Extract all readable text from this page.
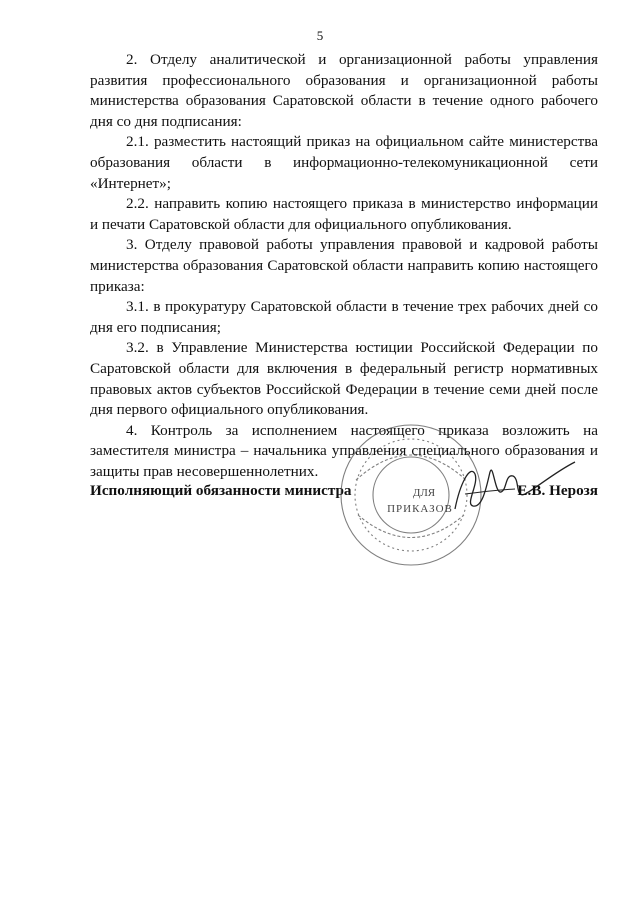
5

2. Отделу аналитической и организационной работы управления развития профессионального образования и организационной работы министерства образования Саратовской области в течение одного рабочего дня со дня подписания:

2.1. разместить настоящий приказ на официальном сайте министерства образования области в информационно-телекомуникационной сети «Интернет»;

2.2. направить копию настоящего приказа в министерство информации и печати Саратовской области для официального опубликования.

3. Отделу правовой работы управления правовой и кадровой работы министерства образования Саратовской области направить копию настоящего приказа:

3.1. в прокуратуру Саратовской области в течение трех рабочих дней со дня его подписания;

3.2. в Управление Министерства юстиции Российской Федерации по Саратовской области для включения в федеральный регистр нормативных правовых актов субъектов Российской Федерации в течение семи дней после дня первого официального опубликования.

4. Контроль за исполнением настоящего приказа возложить на заместителя министра – начальника управления специального образования и защиты прав несовершеннолетних.

Исполняющий обязанности министра	ДЛЯ
ПРИКАЗОВ
Е.В. Нерозя
